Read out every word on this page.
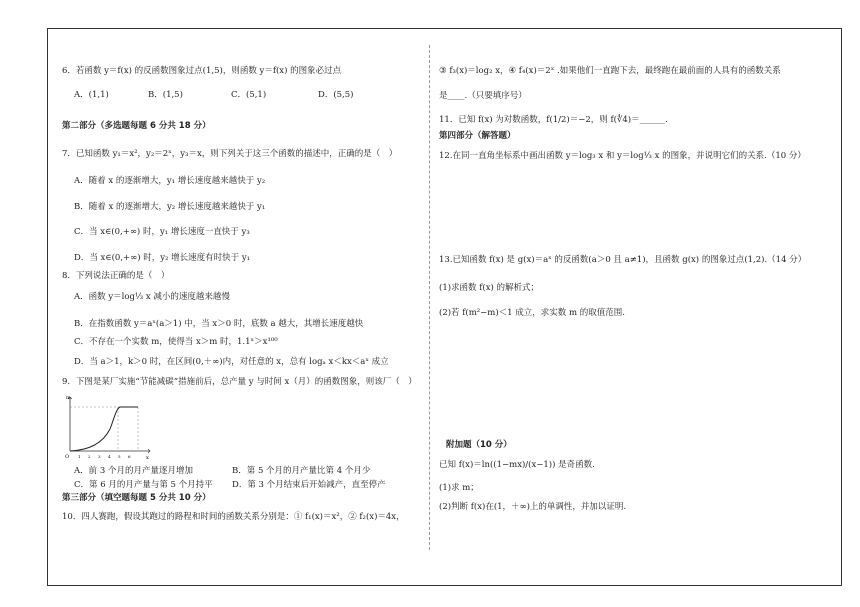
6．若函数 y＝f(x) 的反函数图象过点(1,5)，则函数 y＝f(x) 的图象必过点
A．(1,1)	B．(1,5)	C．(5,1)	D．(5,5)
第二部分（多选题每题 6 分共 18 分）
7．已知函数 y₁＝x²，y₂＝2ˣ，y₃＝x，则下列关于这三个函数的描述中，正确的是（　）
A．随着 x 的逐渐增大，y₁ 增长速度越来越快于 y₂
B．随着 x 的逐渐增大，y₂ 增长速度越来越快于 y₁
C．当 x∈(0,+∞) 时，y₁ 增长速度一直快于 y₃
D．当 x∈(0,+∞) 时，y₂ 增长速度有时快于 y₁
8．下列说法正确的是（　）
A．函数 y＝log⅓ x 减小的速度越来越慢
B．在指数函数 y＝aˣ(a＞1) 中，当 x＞0 时，底数 a 越大，其增长速度越快
C．不存在一个实数 m，使得当 x＞m 时，1.1ˣ＞x¹⁰⁰
D．当 a＞1，k＞0 时，在区间(0,＋∞)内，对任意的 x，总有 logₐ x＜kx＜aˣ 成立
9．下图是某厂实施“节能减碳”措施前后，总产量 y 与时间 x（月）的函数图象，则该厂（　）
m
x
O 1 2 3 4 5 6
A．前 3 个月的月产量逐月增加	B．第 5 个月的月产量比第 4 个月少
C．第 6 月的月产量与第 5 个月持平 D．第 3 个月结束后开始减产，直至停产
第三部分（填空题每题 5 分共 10 分）
10．四人赛跑，假设其跑过的路程和时间的函数关系分别是：① f₁(x)＝x²，② f₂(x)＝4x，
③ f₃(x)＝log₂ x，④ f₄(x)＝2ˣ .如果他们一直跑下去，最终跑在最前面的人具有的函数关系
是____.（只要填序号）
11．已知 f(x) 为对数函数，f(1/2)＝−2，则 f(∜4)＝______.
第四部分（解答题）
12.在同一直角坐标系中画出函数 y＝log₃ x 和 y＝log⅓ x 的图象，并说明它们的关系.（10 分）
13.已知函数 f(x) 是 g(x)＝aˣ 的反函数(a＞0 且 a≠1)，且函数 g(x) 的图象过点(1,2).（14 分）
(1)求函数 f(x) 的解析式；
(2)若 f(m²−m)＜1 成立，求实数 m 的取值范围.
附加题（10 分）
已知 f(x)＝ln((1−mx)/(x−1)) 是奇函数.
(1)求 m；
(2)判断 f(x)在(1，＋∞)上的单调性，并加以证明.
